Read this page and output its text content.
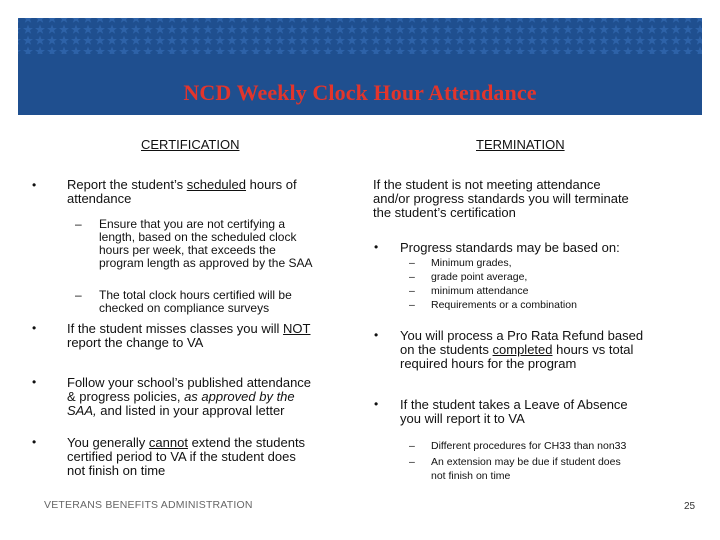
NCD Weekly Clock Hour Attendance
CERTIFICATION
• Report the student’s scheduled hours of
attendance
– Ensure that you are not certifying a
length, based on the scheduled clock
hours per week, that exceeds the
program length as approved by the SAA
– The total clock hours certified will be
checked on compliance surveys
• If the student misses classes you will NOT
report the change to VA
• Follow your school’s published attendance
& progress policies, as approved by the
SAA, and listed in your approval letter
• You generally cannot extend the students
certified period to VA if the student does
not finish on time
TERMINATION
If the student is not meeting attendance
and/or progress standards you will terminate
the student’s certification
• Progress standards may be based on:
–
–
–
–
Minimum grades,
grade point average,
minimum attendance
Requirements or a combination
• You will process a Pro Rata Refund based
on the students completed hours vs total
required hours for the program
• If the student takes a Leave of Absence
you will report it to VA
– Different procedures for CH33 than non33
– An extension may be due if student does
not finish on time
VETERANS BENEFITS ADMINISTRATION	25
